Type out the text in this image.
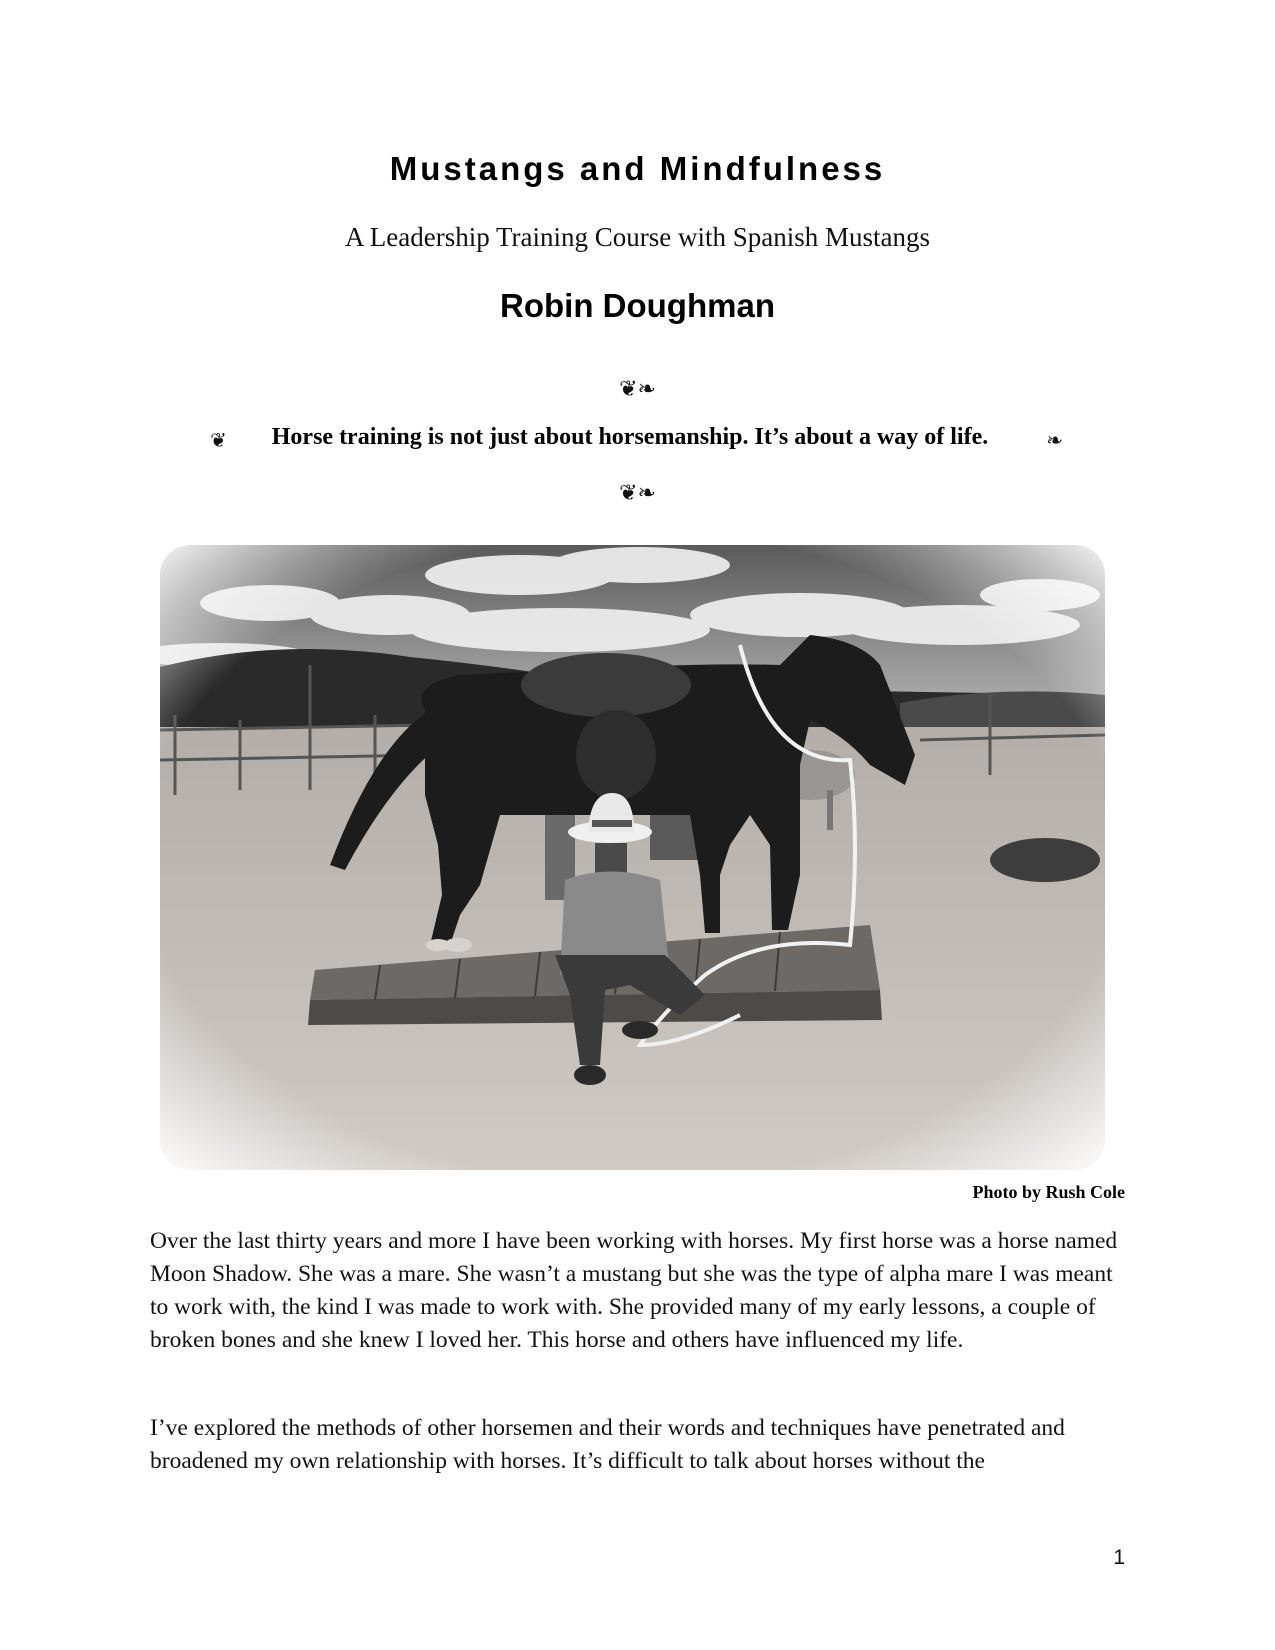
Mustangs and Mindfulness
A Leadership Training Course with Spanish Mustangs
Robin Doughman
❦❧
❦	Horse training is not just about horsemanship. It’s about a way of life.	❧
❦❧
Photo by Rush Cole

Over the last thirty years and more I have been working with horses. My first horse was a horse named Moon Shadow. She was a mare. She wasn’t a mustang but she was the type of alpha mare I was meant to work with, the kind I was made to work with. She provided many of my early lessons, a couple of broken bones and she knew I loved her. This horse and others have influenced my life.

I’ve explored the methods of other horsemen and their words and techniques have penetrated and broadened my own relationship with horses. It’s difficult to talk about horses without the

1
